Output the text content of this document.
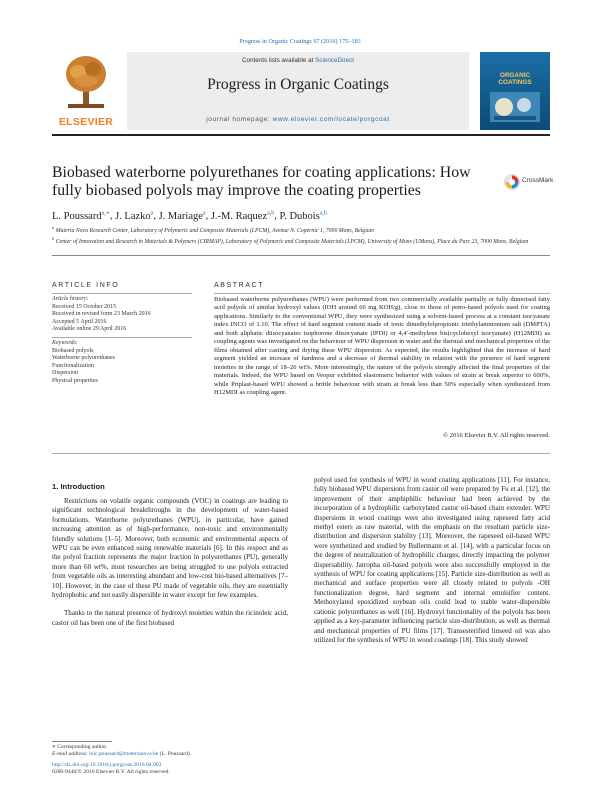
Progress in Organic Coatings 97 (2016) 175–183
ELSEVIER
Contents lists available at ScienceDirect
Progress in Organic Coatings
journal homepage: www.elsevier.com/locate/porgcoat
ORGANIC
COATINGS
Biobased waterborne polyurethanes for coating applications: How fully biobased polyols may improve the coating properties
CrossMark
L. Poussard$^{a,∗}$, J. Lazko$^a$, J. Mariage$^a$, J.-M. Raquez$^{a,b}$, P. Dubois$^{a,b}$
$^a$ Materia Nova Research Center, Laboratory of Polymeric and Composite Materials (LPCM), Avenue N. Copernic 1, 7000 Mons, Belgium
$^b$ Center of Innovation and Research in Materials & Polymers (CIRMAP), Laboratory of Polymeric and Composite Materials (LPCM), University of Mons (UMons), Place du Parc 23, 7000 Mons, Belgium
ARTICLE INFO
Article history:
Received 15 October 2015
Received in revised form 23 March 2016
Accepted 5 April 2016
Available online 29 April 2016
Keywords:
Biobased polyols
Waterborne polyurethanes
Functionalization
Dispersion
Physical properties
ABSTRACT
Biobased waterborne polyurethanes (WPU) were performed from two commercially available partially or fully dimerised fatty acid polyols of similar hydroxyl values (IOH around 60 mg KOH/g), close to those of petro-based polyols used for coating applications. Similarly to the conventional WPU, they were synthesized using a solvent-based process at a constant isocyanate index INCO of 1.10. The effect of hard segment content made of ionic dimethylolpropionic triethylammonium salt (DMPTA) and both aliphatic diisocyanates isophorone diisocyanate (IPDI) or 4,4′-methylene bis(cyclohexyl isocyanate) (H12MDI) as coupling agents was investigated on the behaviour of WPU dispersion in water and the thermal and mechanical properties of the films obtained after casting and drying these WPU dispersion. As expected, the results highlighted that the increase of hard segment yielded an increase of hardness and a decrease of thermal stability in relation with the presence of hard segment moieties in the range of 18–26 wt%. More interestingly, the nature of the polyols strongly affected the final properties of the materials. Indeed, the WPU based on Veopur exhibited elastomeric behavior with values of strain at break superior to 600%, while Priplast-based WPU showed a brittle behaviour with strain at break less than 50% especially when synthesized from H12MDI as coupling agent.
© 2016 Elsevier B.V. All rights reserved.
1. Introduction

Restrictions on volatile organic compounds (VOC) in coatings are leading to significant technological breakthroughs in the development of water-based formulations. Waterborne polyurethanes (WPU), in particular, have gained increasing attention as of high-performance, non-toxic and environmentally friendly solutions [1–5]. Moreover, both economic and environmental aspects of WPU can be even enhanced using renewable materials [6]. In this respect and as the polyol fraction represents the major fraction in polyurethanes (PU), generally more than 60 wt%, most researches are being struggled to use polyols extracted from vegetable oils as interesting abundant and low-cost bio-based alternatives [7–10]. However, in the case of these PU made of vegetable oils, they are essentially hydrophobic and not easily dispersible in water except for few examples.

Thanks to the natural presence of hydroxyl moieties within the ricinoleic acid, castor oil has been one of the first biobased

polyol used for synthesis of WPU in wood coating applications [11]. For instance, fully biobased WPU dispersions from castor oil were prepared by Fu et al. [12], the improvement of their amphiphilic behaviour had been achieved by the incorporation of a hydrophilic carboxylated castor oil-based chain extender. WPU dispersions in wood coatings were also investigated using rapeseed fatty acid methyl esters as raw material, with the emphasis on the resultant particle size-distribution and dispersion stability [13]. Moreover, the rapeseed oil-based WPU were synthetized and studied by Bullermann et al. [14], with a particular focus on the degree of neutralization of hydrophilic charges, directly impacting the polymer dispersability. Jatropha oil-based polyols were also successfully employed in the synthesis of WPU for coating applications [15]. Particle size-distribution as well as mechanical and surface properties were all closely related to polyols -OH functionalization degree, hard segment and internal emulsifier content. Methoxylated epoxidized soybean oils could lead to stable water-dispersible cationic polyurethanes as well [16]. Hydroxyl functionality of the polyols has been applied as a key-parameter influencing particle size-distribution, as well as thermal and mechanical properties of PU films [17]. Transesterified linseed oil was also utilized for the synthesis of WPU in wood coatings [18]. This study showed

∗ Corresponding author.
E-mail address: loic.poussard@materianova.be (L. Poussard).
http://dx.doi.org/10.1016/j.porgcoat.2016.04.003
0300-9440/© 2016 Elsevier B.V. All rights reserved.
